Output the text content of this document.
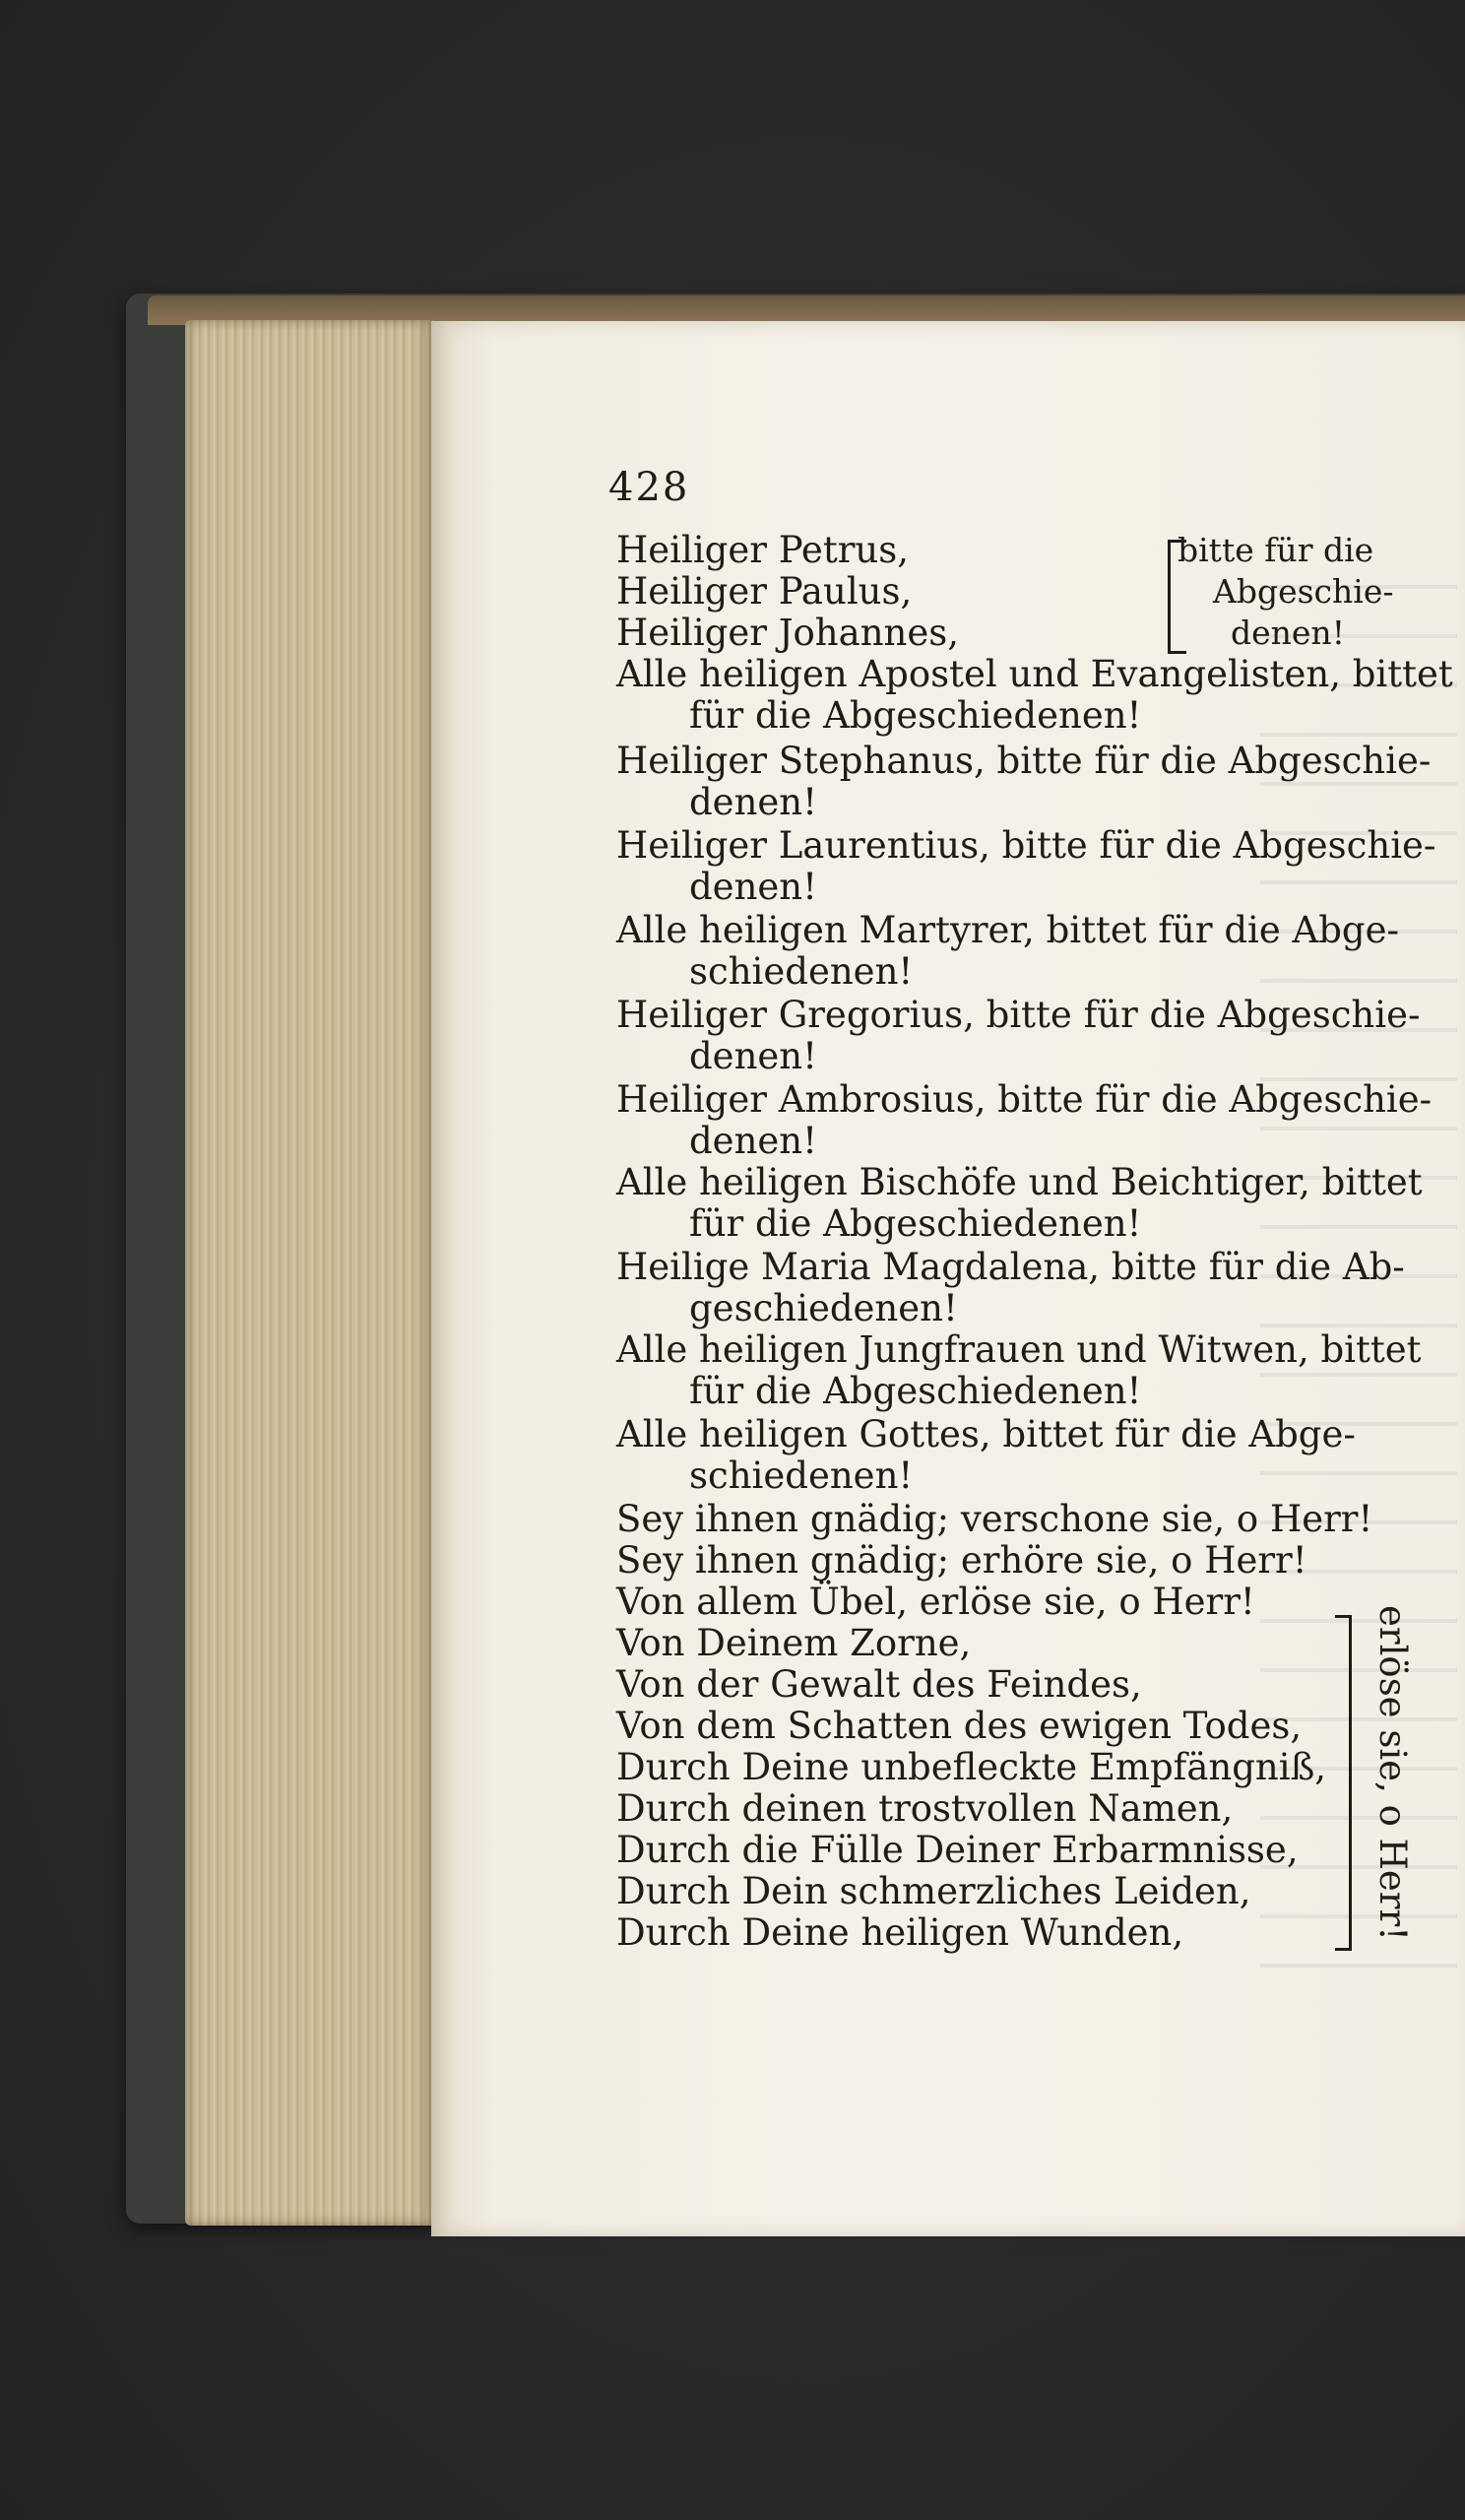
428
Heiliger Petrus,
Heiliger Paulus,
Heiliger Johannes,
Alle heiligen Apostel und Evangelisten, bittet
für die Abgeschiedenen!
Heiliger Stephanus, bitte für die Abgeschie-
denen!
Heiliger Laurentius, bitte für die Abgeschie-
denen!
Alle heiligen Martyrer, bittet für die Abge-
schiedenen!
Heiliger Gregorius, bitte für die Abgeschie-
denen!
Heiliger Ambrosius, bitte für die Abgeschie-
denen!
Alle heiligen Bischöfe und Beichtiger, bittet
für die Abgeschiedenen!
Heilige Maria Magdalena, bitte für die Ab-
geschiedenen!
Alle heiligen Jungfrauen und Witwen, bittet
für die Abgeschiedenen!
Alle heiligen Gottes, bittet für die Abge-
schiedenen!
Sey ihnen gnädig; verschone sie, o Herr!
Sey ihnen gnädig; erhöre sie, o Herr!
Von allem Übel, erlöse sie, o Herr!
Von Deinem Zorne,
Von der Gewalt des Feindes,
Von dem Schatten des ewigen Todes,
Durch Deine unbefleckte Empfängniß,
Durch deinen trostvollen Namen,
Durch die Fülle Deiner Erbarmnisse,
Durch Dein schmerzliches Leiden,
Durch Deine heiligen Wunden,
bitte für die
Abgeschie-
denen!
erlöse sie, o Herr!
